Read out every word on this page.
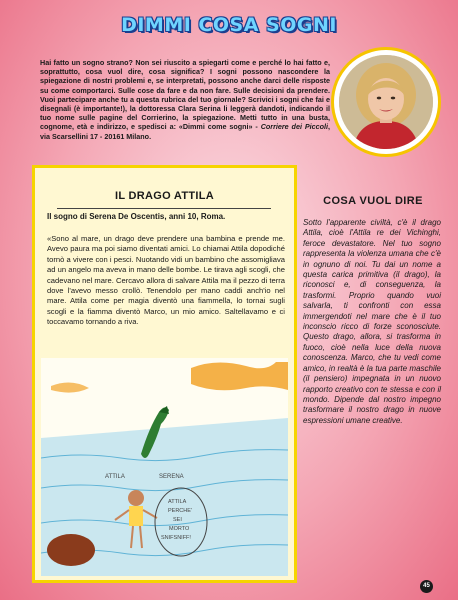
DIMMI COSA SOGNI
Hai fatto un sogno strano? Non sei riuscito a spiegarti come e perché lo hai fatto e, soprattutto, cosa vuol dire, cosa significa? I sogni possono nascondere la spiegazione di nostri problemi e, se interpretati, possono anche darci delle risposte su come comportarci. Sulle cose da fare e da non fare. Sulle decisioni da prendere. Vuoi partecipare anche tu a questa rubrica del tuo giornale? Scrivici i sogni che fai e disegnali (è importante!), la dottoressa Clara Serina li leggerà dandoti, indicando il tuo nome sulle pagine del Corrierino, la spiegazione. Metti tutto in una busta, cognome, età e indirizzo, e spedisci a: «Dimmi come sogni» - Corriere dei Piccoli, via Scarsellini 17 - 20161 Milano.
IL DRAGO ATTILA
Il sogno di Serena De Oscentis, anni 10, Roma.
«Sono al mare, un drago deve prendere una bambina e prende me. Avevo paura ma poi siamo diventati amici. Lo chiamai Attila dopodiché tornò a vivere con i pesci. Nuotando vidi un bambino che assomigliava ad un angelo ma aveva in mano delle bombe. Le tirava agli scogli, che cadevano nel mare. Cercavo allora di salvare Attila ma il pezzo di terra dove l'avevo messo crollò. Tenendolo per mano caddi anch'io nel mare. Attila come per magia diventò una fiammella, lo tornai sugli scogli e la fiamma diventò Marco, un mio amico. Saltellavamo e ci toccavamo tornando a riva.
ATTILA	SERENA
ATTILA
PERCHE'
SEI
MORTO
SNIFSNIFF!
COSA VUOL DIRE
Sotto l'apparente civiltà, c'è il drago Attila, cioè l'Attila re dei Vichinghi, feroce devastatore. Nel tuo sogno rappresenta la violenza umana che c'è in ognuno di noi. Tu dai un nome a questa carica primitiva (il drago), la riconosci e, di conseguenza, la trasformi. Proprio quando vuoi salvarla, ti confronti con essa immergendoti nel mare che è il tuo inconscio ricco di forze sconosciute. Questo drago, allora, si trasforma in fuoco, cioè nella luce della nuova conoscenza. Marco, che tu vedi come amico, in realtà è la tua parte maschile (il pensiero) impegnata in un nuovo rapporto creativo con te stessa e con il mondo. Dipende dal nostro impegno trasformare il nostro drago in nuove espressioni umane creative.
45
